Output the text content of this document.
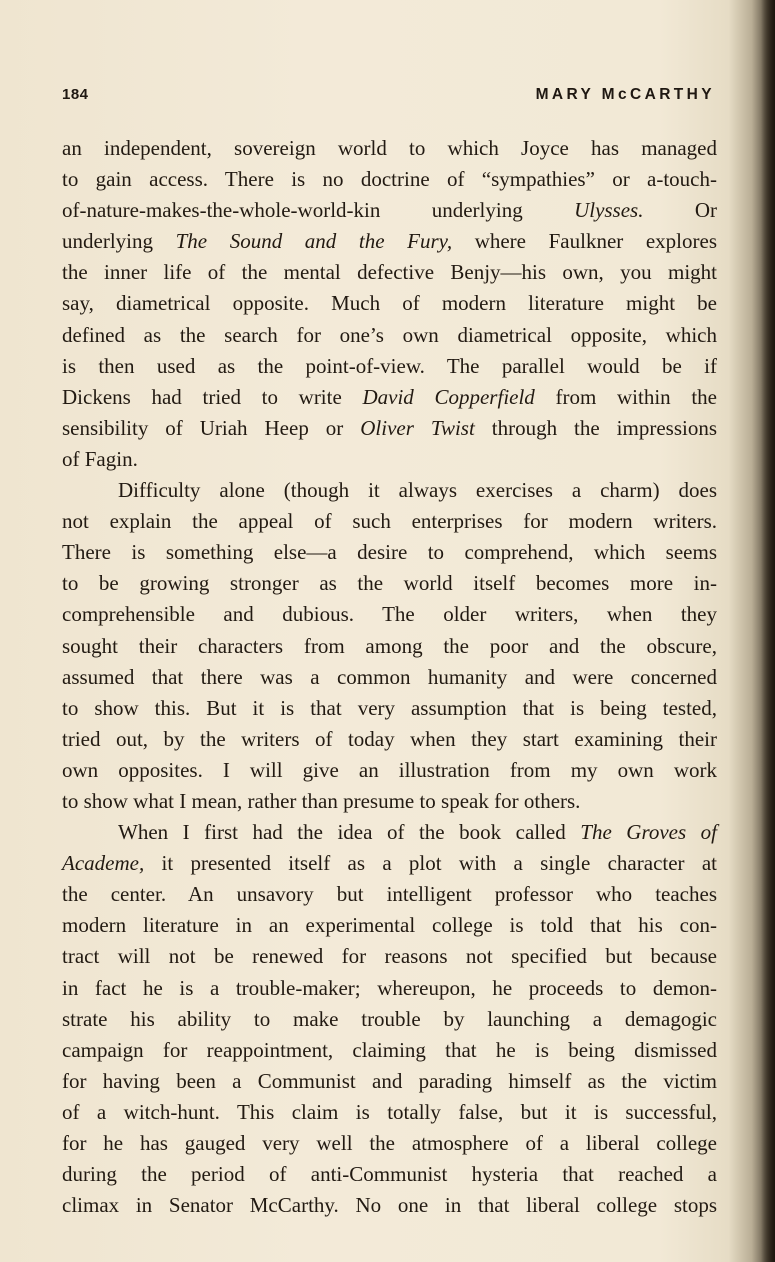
184	MARY McCARTHY
an independent, sovereign world to which Joyce has managed
to gain access. There is no doctrine of “sympathies” or a-touch-
of-nature-makes-the-whole-world-kin underlying Ulysses. Or
underlying The Sound and the Fury, where Faulkner explores
the inner life of the mental defective Benjy—his own, you might
say, diametrical opposite. Much of modern literature might be
defined as the search for one’s own diametrical opposite, which
is then used as the point-of-view. The parallel would be if
Dickens had tried to write David Copperfield from within the
sensibility of Uriah Heep or Oliver Twist through the impressions
of Fagin.
Difficulty alone (though it always exercises a charm) does
not explain the appeal of such enterprises for modern writers.
There is something else—a desire to comprehend, which seems
to be growing stronger as the world itself becomes more in-
comprehensible and dubious. The older writers, when they
sought their characters from among the poor and the obscure,
assumed that there was a common humanity and were concerned
to show this. But it is that very assumption that is being tested,
tried out, by the writers of today when they start examining their
own opposites. I will give an illustration from my own work
to show what I mean, rather than presume to speak for others.
When I first had the idea of the book called The Groves of
Academe, it presented itself as a plot with a single character at
the center. An unsavory but intelligent professor who teaches
modern literature in an experimental college is told that his con-
tract will not be renewed for reasons not specified but because
in fact he is a trouble-maker; whereupon, he proceeds to demon-
strate his ability to make trouble by launching a demagogic
campaign for reappointment, claiming that he is being dismissed
for having been a Communist and parading himself as the victim
of a witch-hunt. This claim is totally false, but it is successful,
for he has gauged very well the atmosphere of a liberal college
during the period of anti-Communist hysteria that reached a
climax in Senator McCarthy. No one in that liberal college stops
